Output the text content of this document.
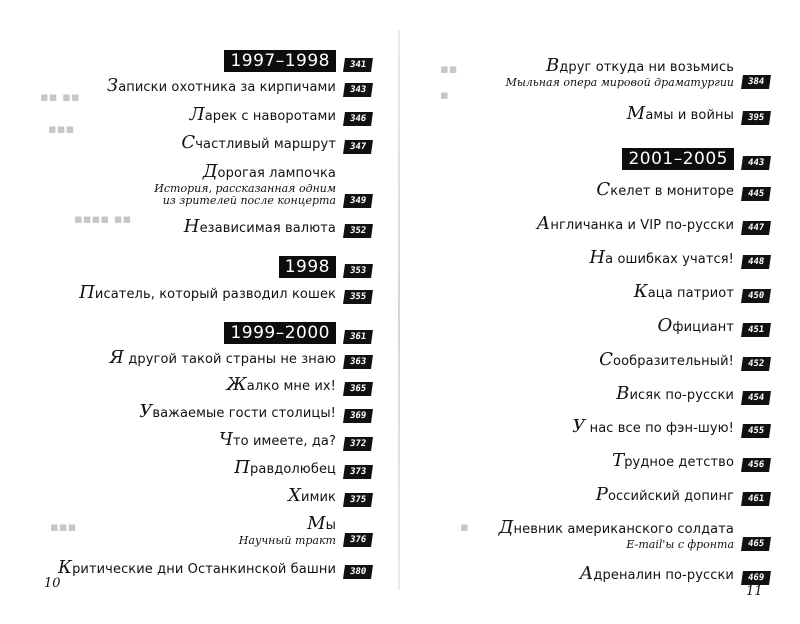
▪▪ ▪▪
▪▪▪
▪▪▪▪ ▪▪
▪▪▪
1997–1998	341
Записки охотника за кирпичами	343
Ларек с наворотами	346
Счастливый маршрут	347
Дорогая лампочка
История, рассказанная одним
из зрителей после концерта	349
Независимая валюта	352
1998	353
Писатель, который разводил кошек	355
1999–2000	361
Я другой такой страны не знаю	363
Жалко мне их!	365
Уважаемые гости столицы!	369
Что имеете, да?	372
Правдолюбец	373
Химик	375
Мы
Научный тракт	376
Критические дни Останкинской башни	380
10
▪▪
▪
▪
Вдруг откуда ни возьмись
Мыльная опера мировой драматургии	384
Мамы и войны	395
2001–2005	443
Скелет в мониторе	445
Англичанка и VIP по-русски	447
На ошибках учатся!	448
Каца патриот	450
Официант	451
Сообразительный!	452
Висяк по-русски	454
У нас все по фэн-шую!	455
Трудное детство	456
Российский допинг	461
Дневник американского солдата
E-mail'ы с фронта	465
Адреналин по-русски	469
11
